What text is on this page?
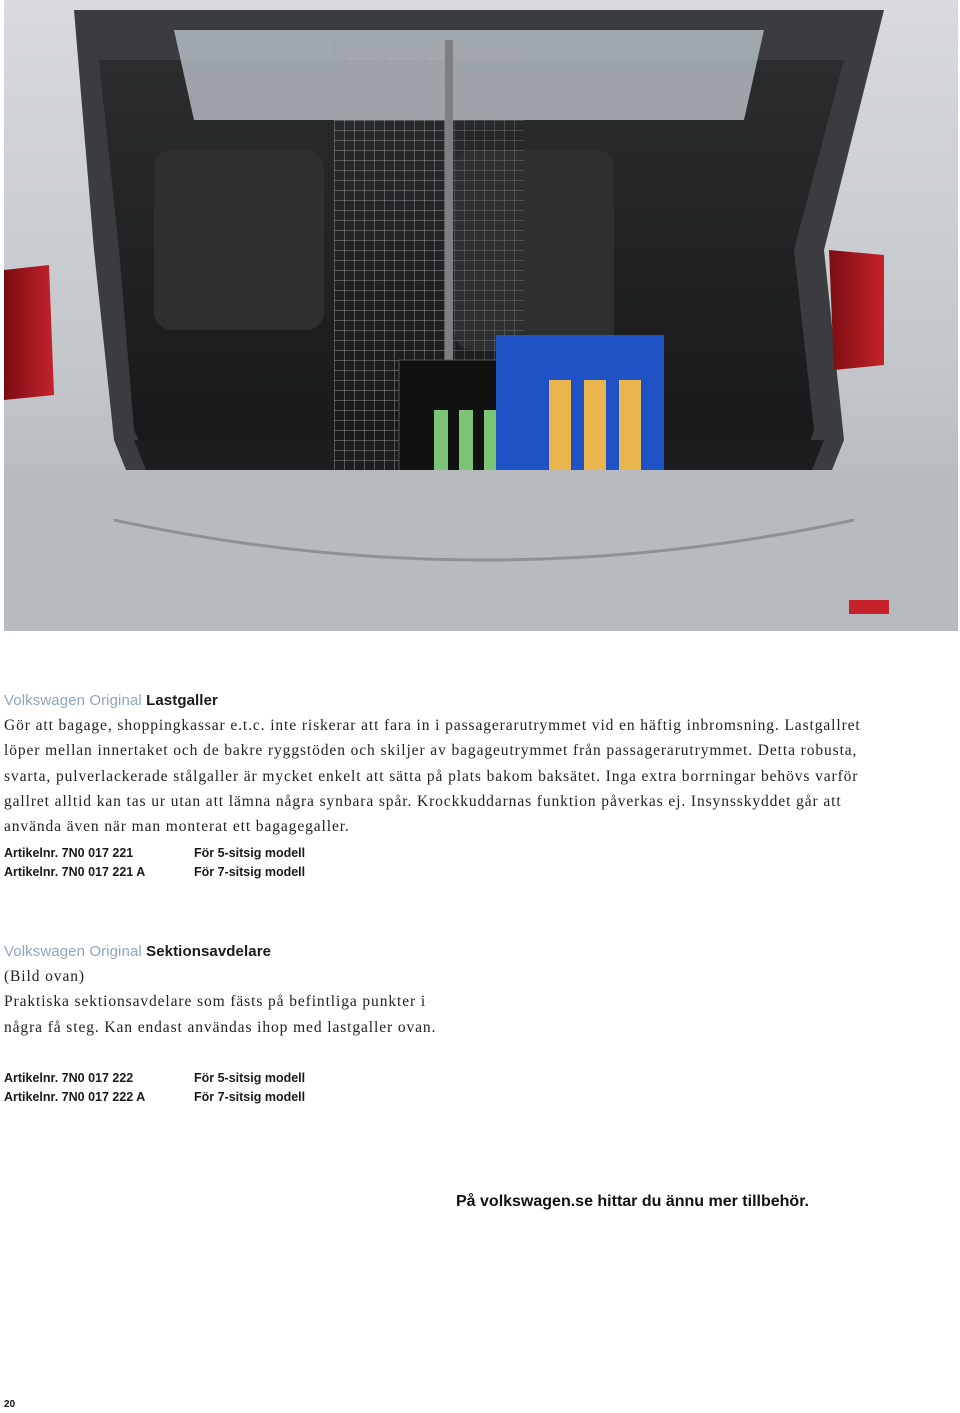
Volkswagen Original Lastgaller

Gör att bagage, shoppingkassar e.t.c. inte riskerar att fara in i passagerarutrymmet vid en häftig inbromsning. Lastgallret
löper mellan innertaket och de bakre ryggstöden och skiljer av bagageutrymmet från passagerarutrymmet. Detta robusta,
svarta, pulverlackerade stålgaller är mycket enkelt att sätta på plats bakom baksätet. Inga extra borrningar behövs varför
gallret alltid kan tas ur utan att lämna några synbara spår. Krockkuddarnas funktion påverkas ej. Insynsskyddet går att
använda även när man monterat ett bagagegaller.

Artikelnr. 7N0 017 221	För 5-sitsig modell
Artikelnr. 7N0 017 221 A	För 7-sitsig modell
Volkswagen Original Sektionsavdelare

(Bild ovan)
Praktiska sektionsavdelare som fästs på befintliga punkter i
några få steg. Kan endast användas ihop med lastgaller ovan.

Artikelnr. 7N0 017 222	För 5-sitsig modell
Artikelnr. 7N0 017 222 A	För 7-sitsig modell
På volkswagen.se hittar du ännu mer tillbehör.
20
